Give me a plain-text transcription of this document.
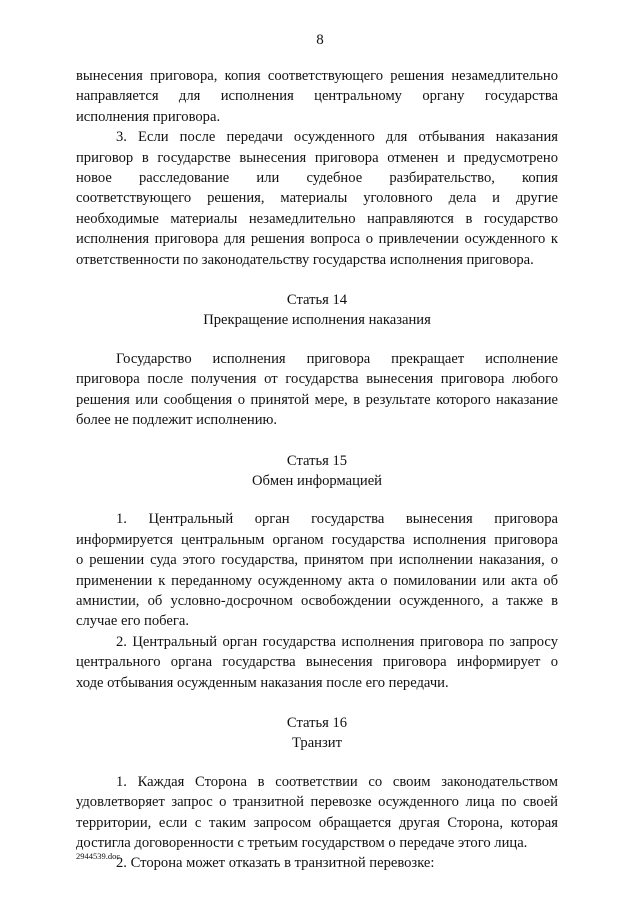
8

вынесения приговора, копия соответствующего решения незамедлительно

направляется для исполнения центральному органу государства

исполнения приговора.

3. Если после передачи осужденного для отбывания наказания

приговор в государстве вынесения приговора отменен и предусмотрено

новое расследование или судебное разбирательство, копия

соответствующего решения, материалы уголовного дела и другие

необходимые материалы незамедлительно направляются в государство

исполнения приговора для решения вопроса о привлечении осужденного к

ответственности по законодательству государства исполнения приговора.

Статья 14

Прекращение исполнения наказания

Государство исполнения приговора прекращает исполнение

приговора после получения от государства вынесения приговора любого

решения или сообщения о принятой мере, в результате которого наказание

более не подлежит исполнению.

Статья 15

Обмен информацией

1. Центральный орган государства вынесения приговора

информируется центральным органом государства исполнения приговора

о решении суда этого государства, принятом при исполнении наказания, о

применении к переданному осужденному акта о помиловании или акта об

амнистии, об условно-досрочном освобождении осужденного, а также в

случае его побега.

2. Центральный орган государства исполнения приговора по запросу

центрального органа государства вынесения приговора информирует о

ходе отбывания осужденным наказания после его передачи.

Статья 16

Транзит

1. Каждая Сторона в соответствии со своим законодательством

удовлетворяет запрос о транзитной перевозке осужденного лица по своей

территории, если с таким запросом обращается другая Сторона, которая

достигла договоренности с третьим государством о передаче этого лица.

2. Сторона может отказать в транзитной перевозке:

2944539.doc
